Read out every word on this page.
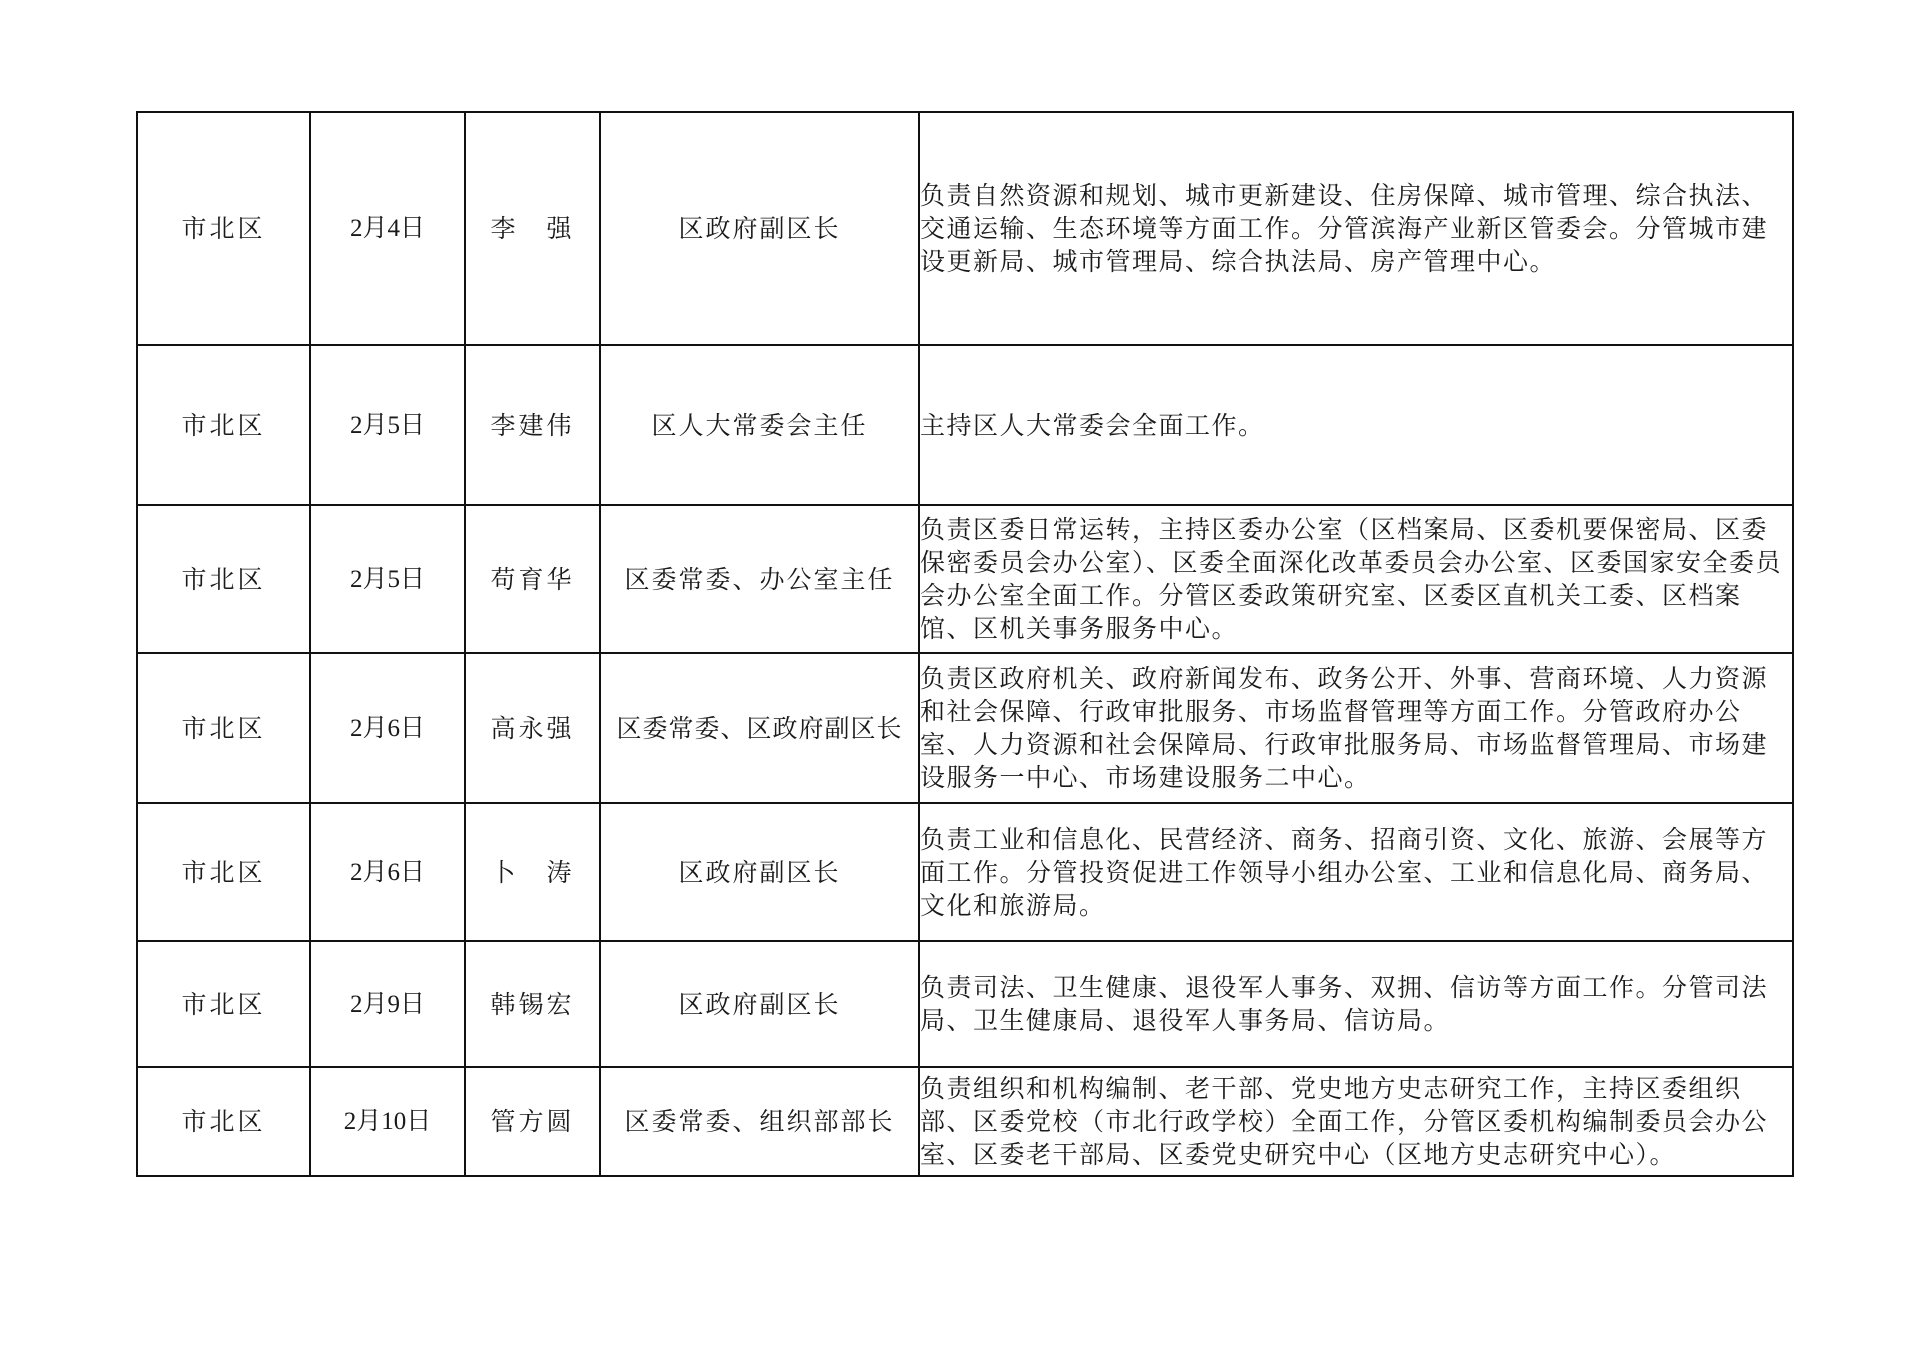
市北区	2月4日	李　强	区政府副区长	负责自然资源和规划、城市更新建设、住房保障、城市管理、综合执法、交通运输、生态环境等方面工作。分管滨海产业新区管委会。分管城市建设更新局、城市管理局、综合执法局、房产管理中心。
市北区	2月5日	李建伟	区人大常委会主任	主持区人大常委会全面工作。
市北区	2月5日	苟育华	区委常委、办公室主任	负责区委日常运转，主持区委办公室（区档案局、区委机要保密局、区委保密委员会办公室）、区委全面深化改革委员会办公室、区委国家安全委员会办公室全面工作。分管区委政策研究室、区委区直机关工委、区档案馆、区机关事务服务中心。
市北区	2月6日	高永强	区委常委、区政府副区长	负责区政府机关、政府新闻发布、政务公开、外事、营商环境、人力资源和社会保障、行政审批服务、市场监督管理等方面工作。分管政府办公室、人力资源和社会保障局、行政审批服务局、市场监督管理局、市场建设服务一中心、市场建设服务二中心。
市北区	2月6日	卜　涛	区政府副区长	负责工业和信息化、民营经济、商务、招商引资、文化、旅游、会展等方面工作。分管投资促进工作领导小组办公室、工业和信息化局、商务局、文化和旅游局。
市北区	2月9日	韩锡宏	区政府副区长	负责司法、卫生健康、退役军人事务、双拥、信访等方面工作。分管司法局、卫生健康局、退役军人事务局、信访局。
市北区	2月10日	管方圆	区委常委、组织部部长	负责组织和机构编制、老干部、党史地方史志研究工作，主持区委组织部、区委党校（市北行政学校）全面工作，分管区委机构编制委员会办公室、区委老干部局、区委党史研究中心（区地方史志研究中心）。
